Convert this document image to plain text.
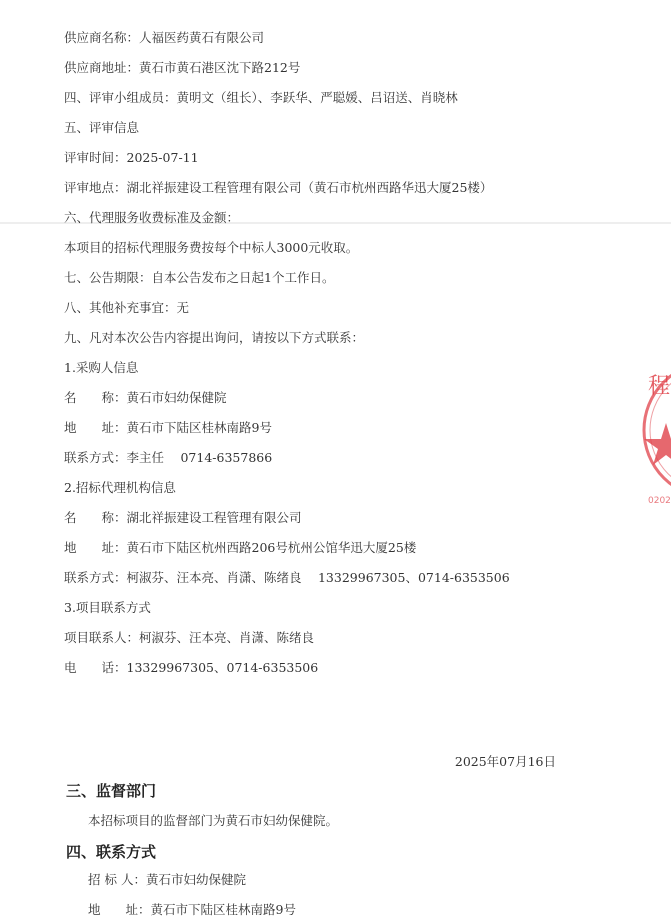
供应商名称：人福医药黄石有限公司
供应商地址：黄石市黄石港区沈下路212号
四、评审小组成员：黄明文（组长）、李跃华、严聪媛、吕诏送、肖晓林
五、评审信息
评审时间：2025-07-11
评审地点：湖北祥振建设工程管理有限公司（黄石市杭州西路华迅大厦25楼）
六、代理服务收费标准及金额：
本项目的招标代理服务费按每个中标人3000元收取。
七、公告期限：自本公告发布之日起1个工作日。
八、其他补充事宜：无
九、凡对本次公告内容提出询问，请按以下方式联系：
1.采购人信息
名　　称：黄石市妇幼保健院
地　　址：黄石市下陆区桂林南路9号
联系方式：李主任　 0714-6357866
2.招标代理机构信息
名　　称：湖北祥振建设工程管理有限公司
地　　址：黄石市下陆区杭州西路206号杭州公馆华迅大厦25楼
联系方式：柯淑芬、汪本亮、肖潇、陈绪良　 13329967305、0714-6353506
3.项目联系方式
项目联系人：柯淑芬、汪本亮、肖潇、陈绪良
电　　话：13329967305、0714-6353506
2025年07月16日
三、监督部门
本招标项目的监督部门为黄石市妇幼保健院。
四、联系方式
招 标 人：黄石市妇幼保健院
地　　址：黄石市下陆区桂林南路9号
程
0202
